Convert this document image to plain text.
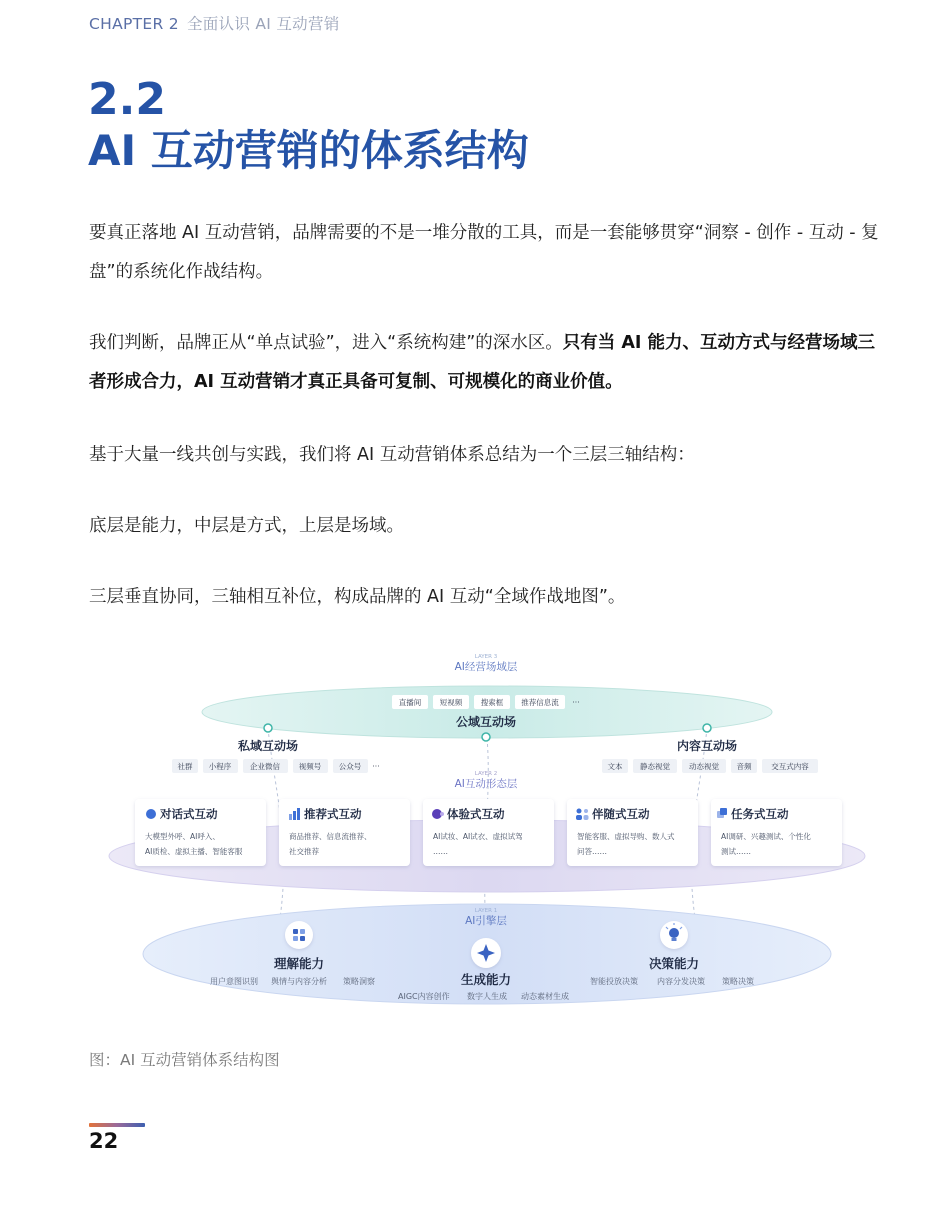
CHAPTER 2 全面认识 AI 互动营销
2.2
AI 互动营销的体系结构
要真正落地 AI 互动营销，品牌需要的不是一堆分散的工具，而是一套能够贯穿“洞察 - 创作 - 互动 - 复盘”的系统化作战结构。
我们判断，品牌正从“单点试验”，进入“系统构建”的深水区。只有当 AI 能力、互动方式与经营场域三者形成合力，AI 互动营销才真正具备可复制、可规模化的商业价值。
基于大量一线共创与实践，我们将 AI 互动营销体系总结为一个三层三轴结构：
底层是能力，中层是方式，上层是场域。
三层垂直协同，三轴相互补位，构成品牌的 AI 互动“全域作战地图”。
LAYER 1
AI引擎层
理解能力
生成能力
决策能力
用户意图识别 舆情与内容分析 策略洞察
AIGC内容创作 数字人生成 动态素材生成
智能投放决策 内容分发决策 策略决策
LAYER 2
AI互动形态层
对话式互动
大模型外呼、AI呼入、
AI质检、虚拟主播、智能客服
推荐式互动
商品推荐、信息流推荐、
社交推荐
体验式互动
AI试妆、AI试衣、虚拟试驾
……
伴随式互动
智能客服、虚拟导购、数人式
问答……
任务式互动
AI调研、兴趣测试、个性化
测试……
LAYER 3
AI经营场域层
直播间 短视频 搜索框 推荐信息流 ···
公域互动场
私域互动场
社群 小程序	企业微信	视频号 公众号 ···
内容互动场
文本 静态视觉	动态视觉 音频	交互式内容
图：AI 互动营销体系结构图
22
